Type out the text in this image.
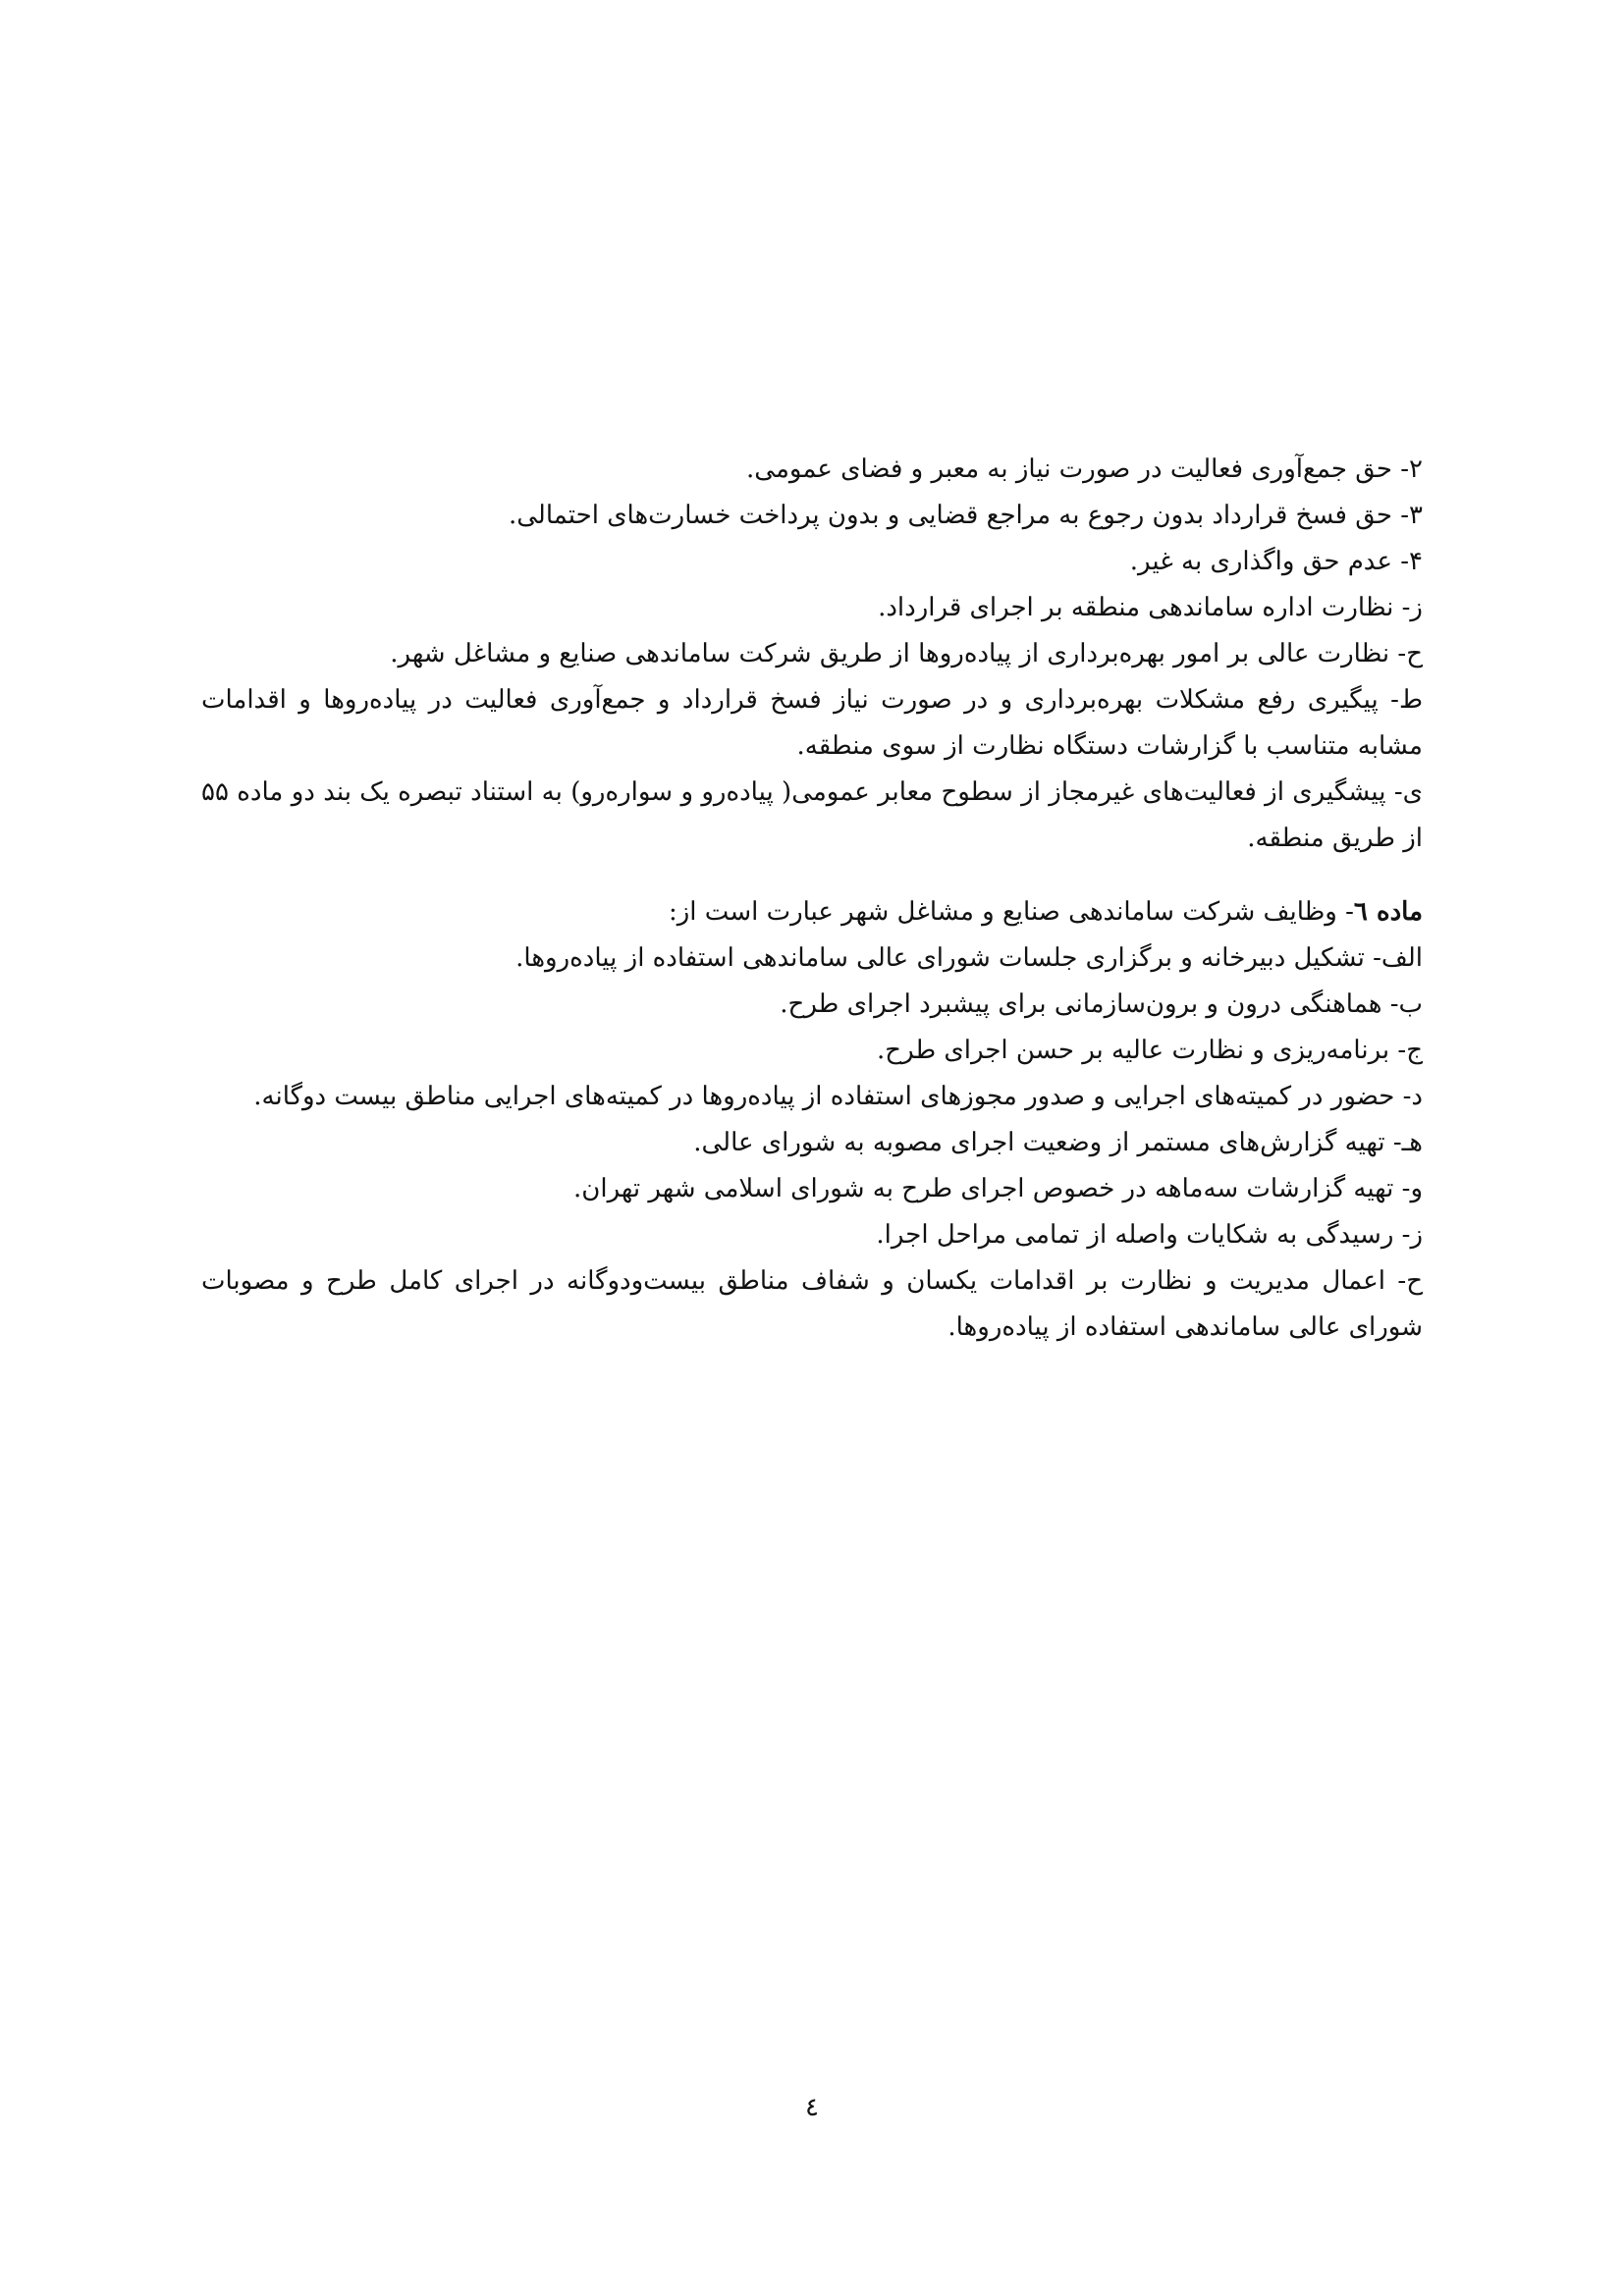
۲- حق جمع‌آوری فعالیت در صورت نیاز به معبر و فضای عمومی.

۳- حق فسخ قرارداد بدون رجوع به مراجع قضایی و بدون پرداخت خسارت‌های احتمالی.

۴- عدم حق واگذاری به غیر.

ز- نظارت اداره ساماندهی منطقه بر اجرای قرارداد.

ح- نظارت عالی بر امور بهره‌برداری از پیاده‌روها از طریق شرکت ساماندهی صنایع و مشاغل شهر.

ط- پیگیری رفع مشکلات بهره‌برداری و در صورت نیاز فسخ قرارداد و جمع‌آوری فعالیت در پیاده‌روها و اقدامات مشابه متناسب با گزارشات دستگاه نظارت از سوی منطقه.

ی- پیشگیری از فعالیت‌های غیرمجاز از سطوح معابر عمومی( پیاده‌رو و سواره‌رو) به استناد تبصره یک بند دو ماده ۵۵ از طریق منطقه.

ماده ٦- وظایف شرکت ساماندهی صنایع و مشاغل شهر عبارت است از:

الف- تشکیل دبیرخانه و برگزاری جلسات شورای عالی ساماندهی استفاده از پیاده‌روها.

ب- هماهنگی درون و برون‌سازمانی برای پیشبرد اجرای طرح.

ج- برنامه‌ریزی و نظارت عالیه بر حسن اجرای طرح.

د- حضور در کمیته‌های اجرایی و صدور مجوزهای استفاده از پیاده‌روها در کمیته‌های اجرایی مناطق بیست دوگانه.

هـ- تهیه گزارش‌های مستمر از وضعیت اجرای مصوبه به شورای عالی.

و- تهیه گزارشات سه‌ماهه در خصوص اجرای طرح به شورای اسلامی شهر تهران.

ز- رسیدگی به شکایات واصله از تمامی مراحل اجرا.

ح- اعمال مدیریت و نظارت بر اقدامات یکسان و شفاف مناطق بیست‌ودوگانه در اجرای کامل طرح و مصوبات شورای عالی ساماندهی استفاده از پیاده‌روها.

٤
